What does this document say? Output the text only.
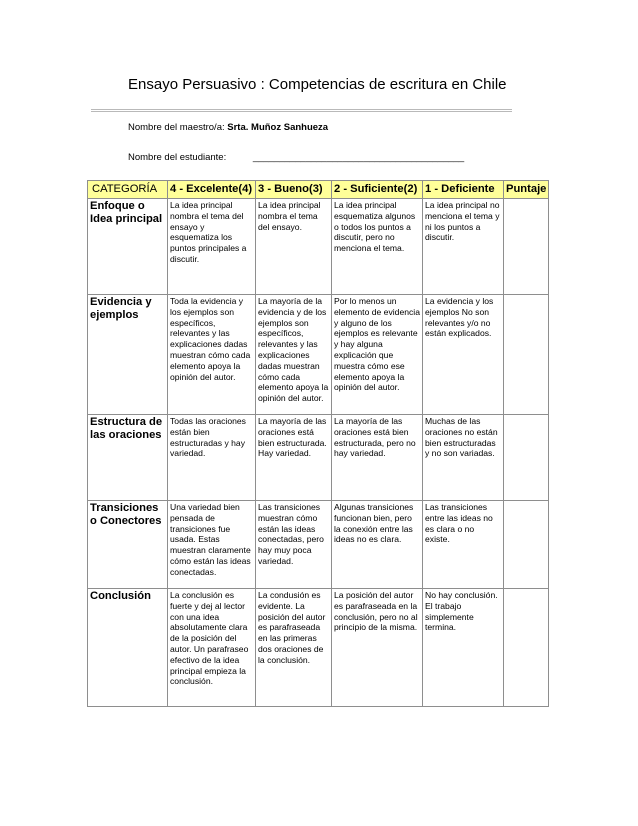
Ensayo Persuasivo : Competencias de escritura en Chile
Nombre del maestro/a: Srta. Muñoz Sanhueza
Nombre del estudiante:	________________________________________
CATEGORÍA	4 - Excelente(4)	3 - Bueno(3)	2 - Suficiente(2)	1 - Deficiente	Puntaje
Enfoque o Idea principal	La idea principal nombra el tema del ensayo y esquematiza los puntos principales a discutir.	La idea principal nombra el tema del ensayo.	La idea principal esquematiza algunos o todos los puntos a discutir, pero no menciona el tema.	La idea principal no menciona el tema y ni los puntos a discutir.	
Evidencia y ejemplos	Toda la evidencia y los ejemplos son específicos, relevantes y las explicaciones dadas muestran cómo cada elemento apoya la opinión del autor.	La mayoría de la evidencia y de los ejemplos son específicos, relevantes y las explicaciones dadas muestran cómo cada elemento apoya la opinión del autor.	Por lo menos un elemento de evidencia y alguno de los ejemplos es relevante y hay alguna explicación que muestra cómo ese elemento apoya la opinión del autor.	La evidencia y los ejemplos No son relevantes y/o no están explicados.	
Estructura de las oraciones	Todas las oraciones están bien estructuradas y hay variedad.	La mayoría de las oraciones está bien estructurada. Hay variedad.	La mayoría de las oraciones está bien estructurada, pero no hay variedad.	Muchas de las oraciones no están bien estructuradas y no son variadas.	
Transiciones o Conectores	Una variedad bien pensada de transiciones fue usada. Estas muestran claramente cómo están las ideas conectadas.	Las transiciones muestran cómo están las ideas conectadas, pero hay muy poca variedad.	Algunas transiciones funcionan bien, pero la conexión entre las ideas no es clara.	Las transiciones entre las ideas no es clara o no existe.	
Conclusión	La conclusión es fuerte y dej al lector con una idea absolutamente clara de la posición del autor. Un parafraseo efectivo de la idea principal empieza la conclusión.	La condusión es evidente. La posición del autor es parafraseada en las primeras dos oraciones de la conclusión.	La posición del autor es parafraseada en la conclusión, pero no al principio de la misma.	No hay conclusión. El trabajo simplemente termina.	
